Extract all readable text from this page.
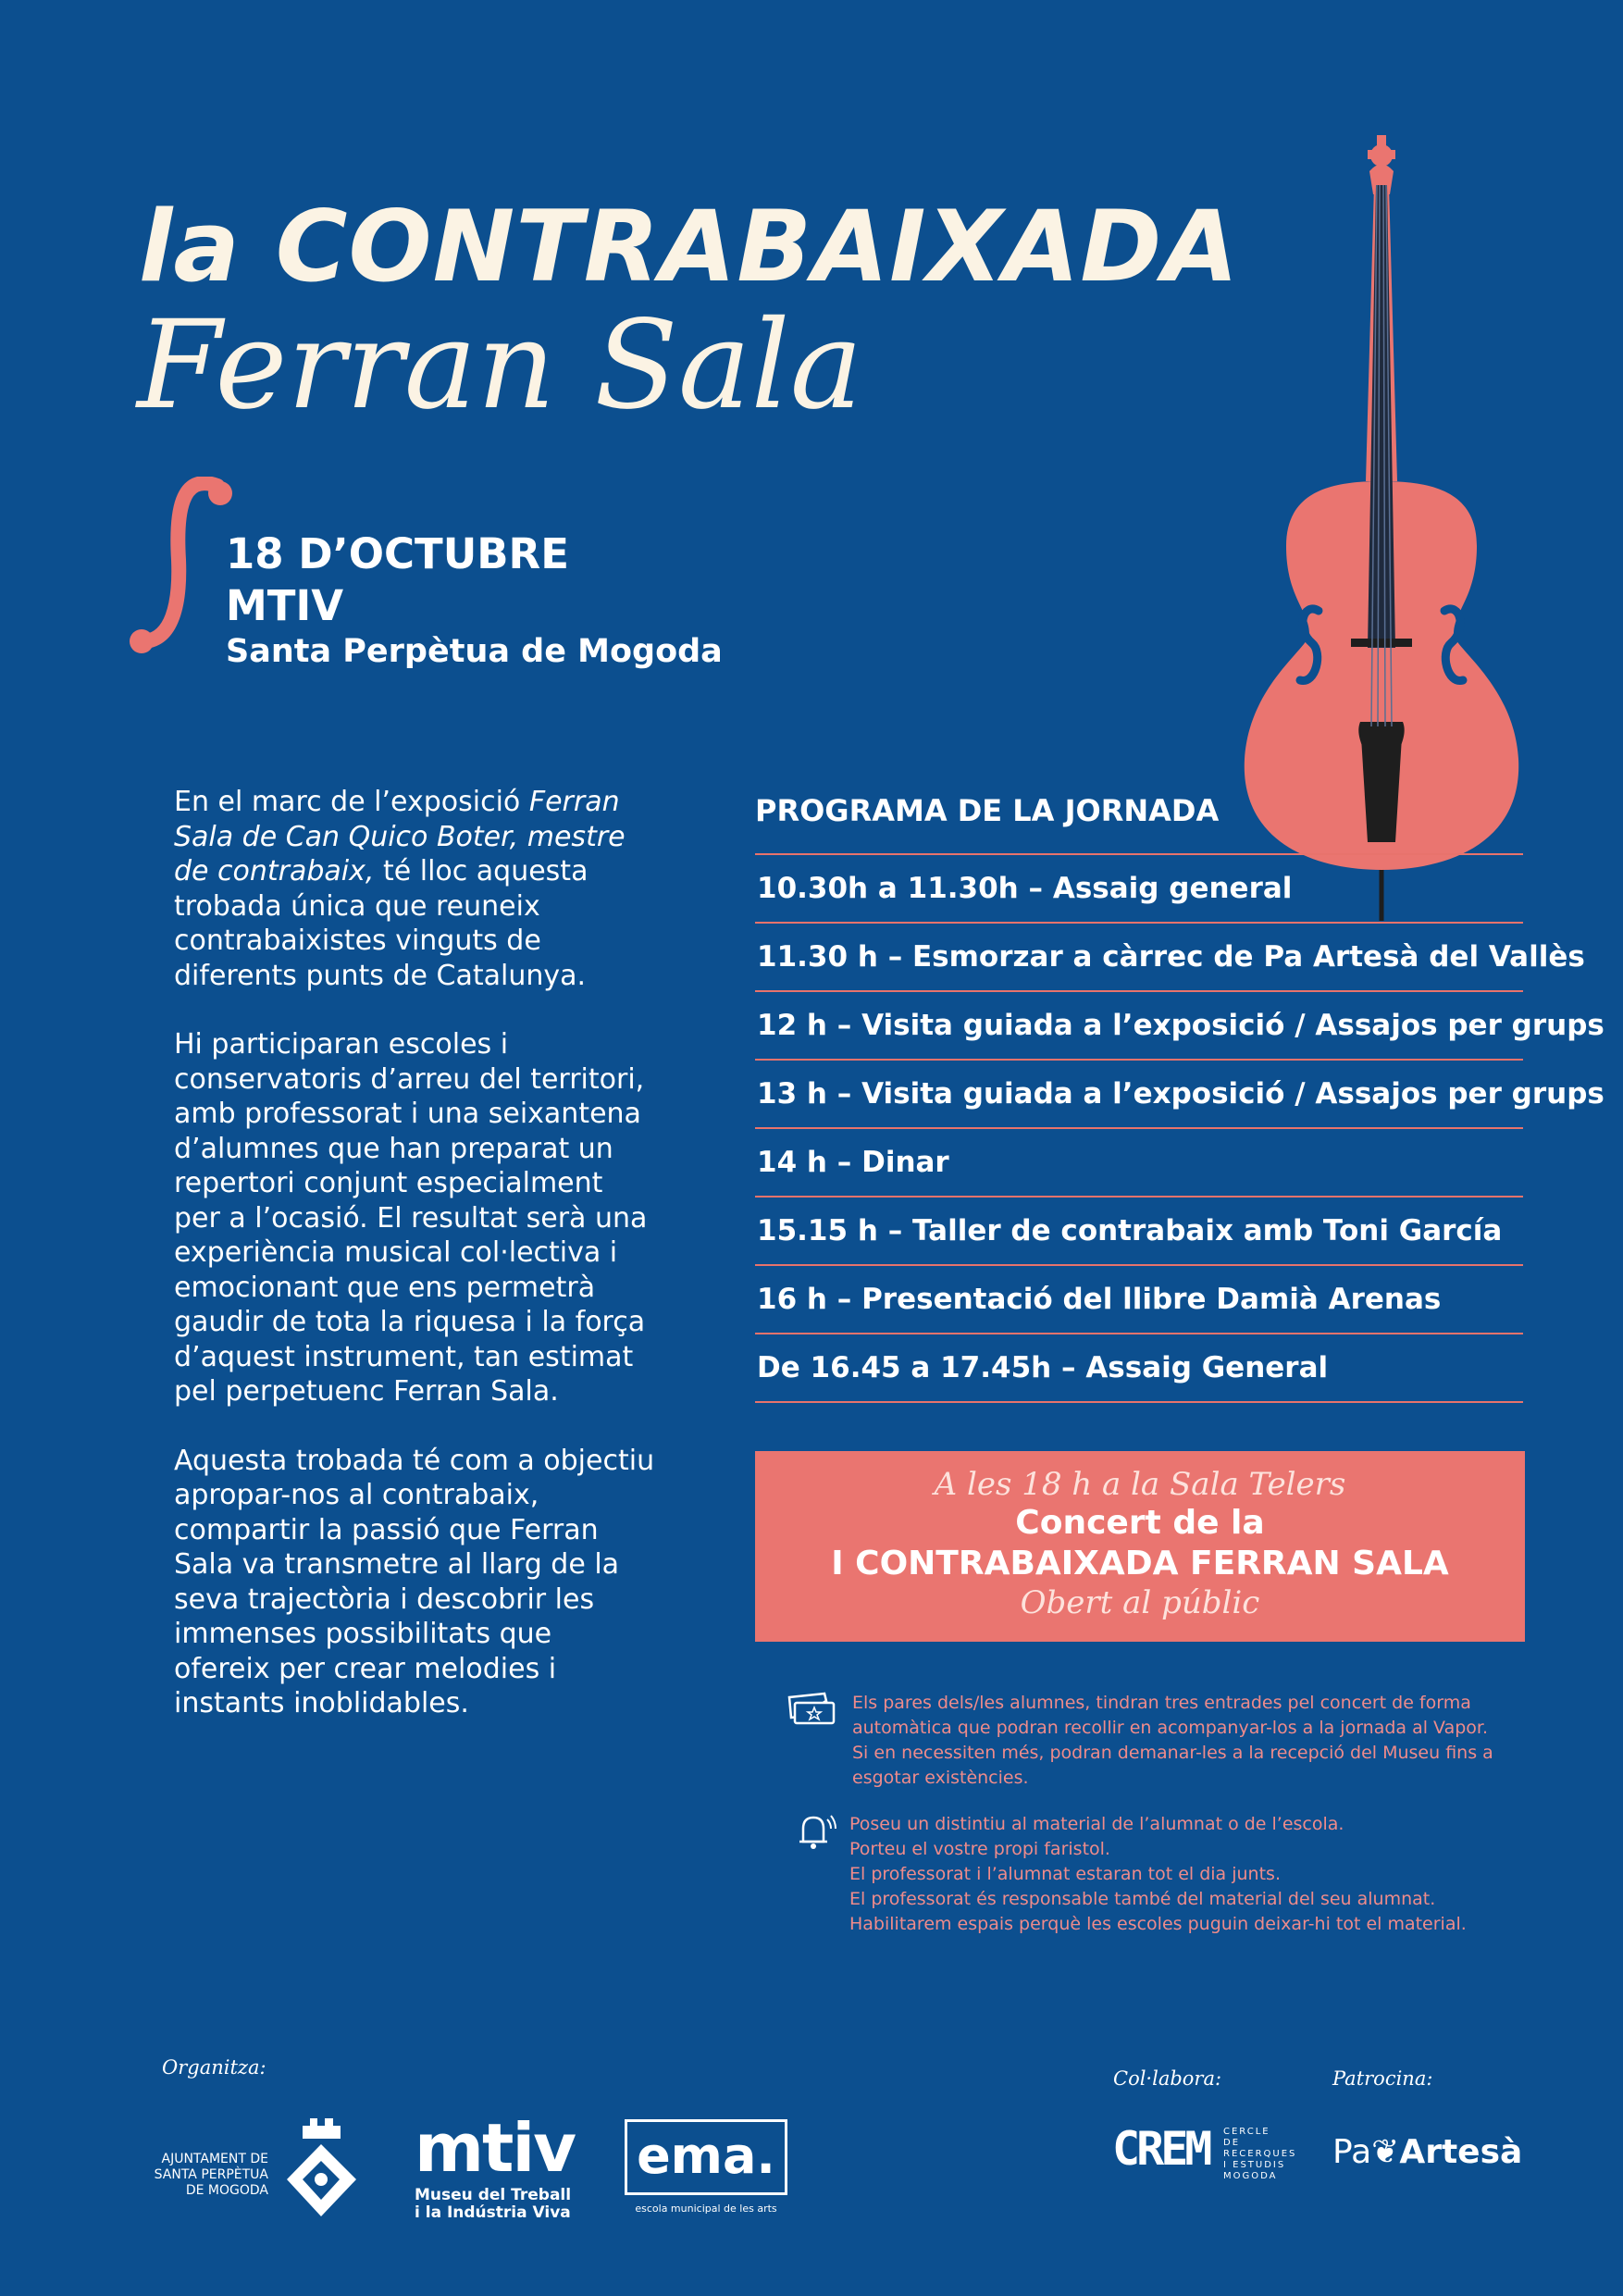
la CONTRABAIXADA
Ferran Sala
18 D’OCTUBRE
MTIV
Santa Perpètua de Mogoda

En el marc de l’exposició Ferran Sala de Can Quico Boter, mestre de contrabaix, té lloc aquesta trobada única que reuneix contrabaixistes vinguts de diferents punts de Catalunya.

Hi participaran escoles i conservatoris d’arreu del territori, amb professorat i una seixantena d’alumnes que han preparat un repertori conjunt especialment per a l’ocasió. El resultat serà una experiència musical col·lectiva i emocionant que ens permetrà gaudir de tota la riquesa i la força d’aquest instrument, tan estimat pel perpetuenc Ferran Sala.

Aquesta trobada té com a objectiu apropar-nos al contrabaix, compartir la passió que Ferran Sala va transmetre al llarg de la seva trajectòria i descobrir les immenses possibilitats que ofereix per crear melodies i instants inoblidables.

PROGRAMA DE LA JORNADA
10.30h a 11.30h – Assaig general
11.30 h – Esmorzar a càrrec de Pa Artesà del Vallès
12 h – Visita guiada a l’exposició / Assajos per grups
13 h – Visita guiada a l’exposició / Assajos per grups
14 h – Dinar
15.15 h – Taller de contrabaix amb Toni García
16 h – Presentació del llibre Damià Arenas
De 16.45 a 17.45h – Assaig General
A les 18 h a la Sala Telers
Concert de la
I CONTRABAIXADA FERRAN SALA
Obert al públic
Els pares dels/les alumnes, tindran tres entrades pel concert de forma automàtica que podran recollir en acompanyar-los a la jornada al Vapor. Si en necessiten més, podran demanar-les a la recepció del Museu fins a esgotar existències.
Poseu un distintiu al material de l’alumnat o de l’escola.
Porteu el vostre propi faristol.
El professorat i l’alumnat estaran tot el dia junts.
El professorat és responsable també del material del seu alumnat.
Habilitarem espais perquè les escoles puguin deixar-hi tot el material.
Organitza:	Col·labora:	Patrocina:
AJUNTAMENT DE SANTA PERPÈTUA DE MOGODA
mtiv
Museu del Treball
i la Indústria Viva
ema.
escola municipal de les arts
CREM CERCLE DE RECERQUES I ESTUDIS MOGODA
Pa❦Artesà
